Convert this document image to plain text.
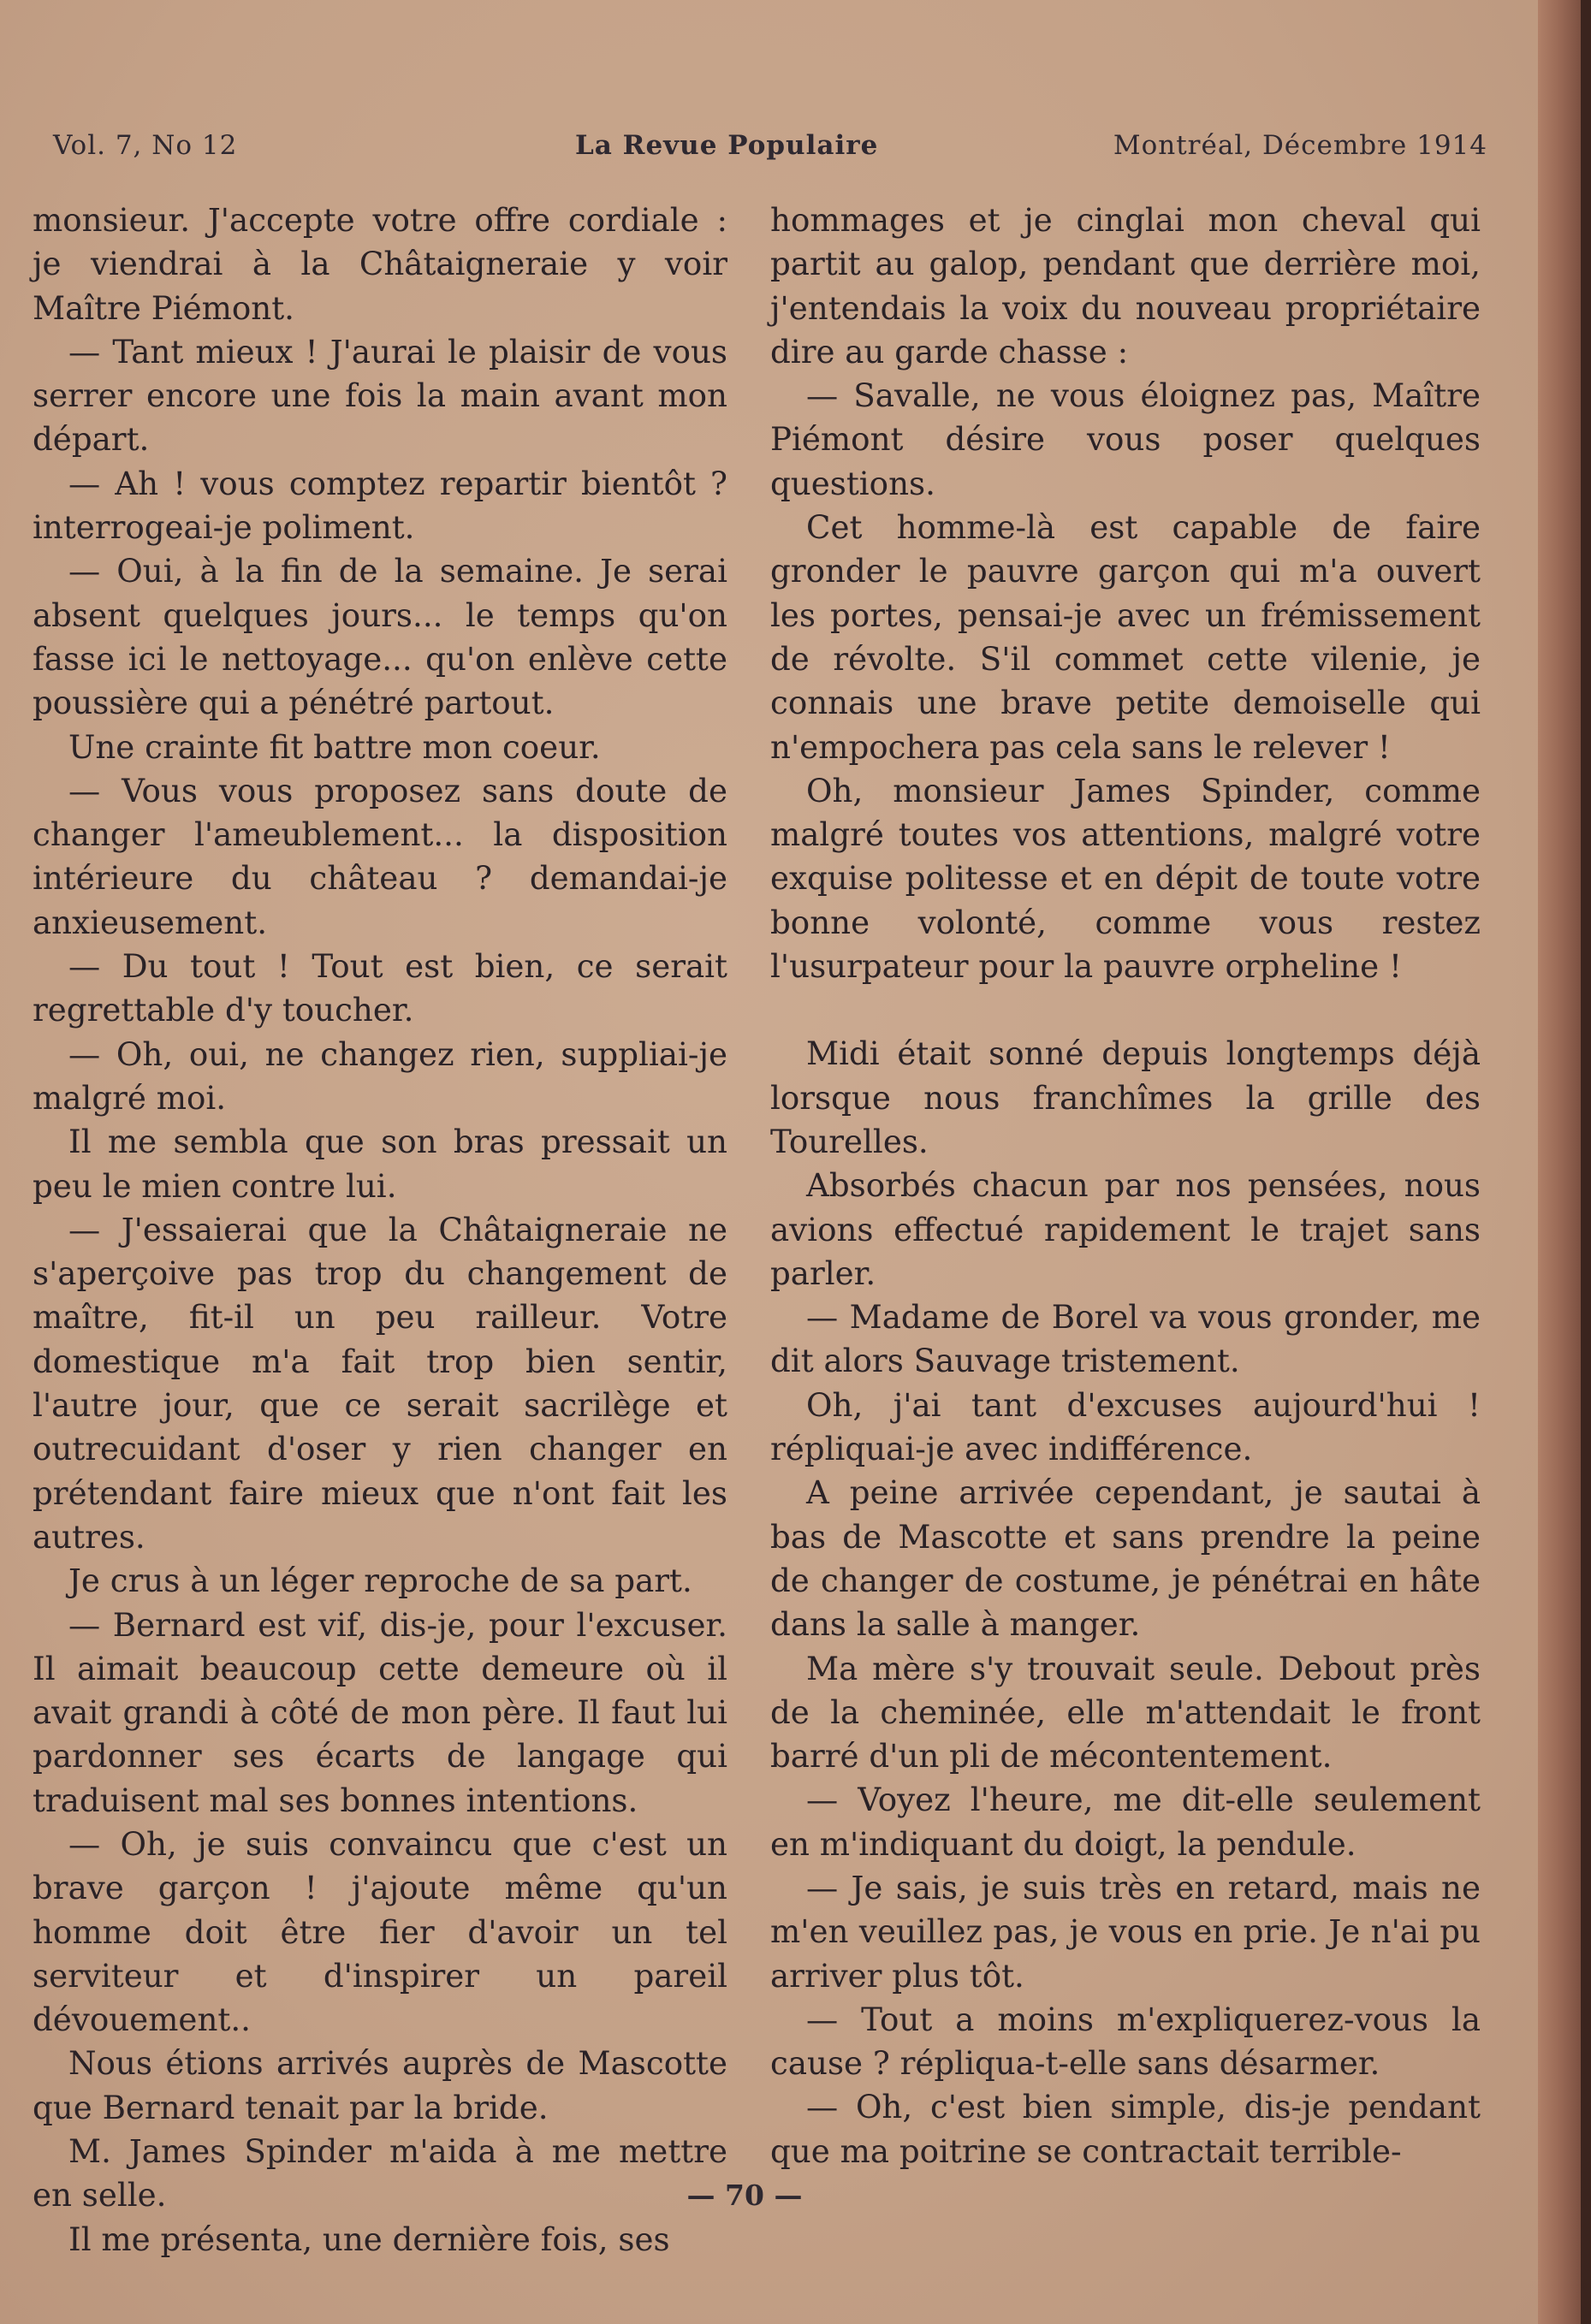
Vol. 7, No 12	La Revue Populaire	Montréal, Décembre 1914

monsieur. J'accepte votre offre cordiale : je viendrai à la Châtaigneraie y voir Maître Piémont.

— Tant mieux ! J'aurai le plaisir de vous serrer encore une fois la main avant mon départ.

— Ah ! vous comptez repartir bientôt ? interrogeai-je poliment.

— Oui, à la fin de la semaine. Je serai absent quelques jours... le temps qu'on fasse ici le nettoyage... qu'on enlève cette poussière qui a pénétré partout.

Une crainte fit battre mon coeur.

— Vous vous proposez sans doute de changer l'ameublement... la disposition intérieure du château ? demandai-je anxieusement.

— Du tout ! Tout est bien, ce serait regrettable d'y toucher.

— Oh, oui, ne changez rien, suppliai-je malgré moi.

Il me sembla que son bras pressait un peu le mien contre lui.

— J'essaierai que la Châtaigneraie ne s'aperçoive pas trop du changement de maître, fit-il un peu railleur. Votre domestique m'a fait trop bien sentir, l'autre jour, que ce serait sacrilège et outrecuidant d'oser y rien changer en prétendant faire mieux que n'ont fait les autres.

Je crus à un léger reproche de sa part.

— Bernard est vif, dis-je, pour l'excuser. Il aimait beaucoup cette demeure où il avait grandi à côté de mon père. Il faut lui pardonner ses écarts de langage qui traduisent mal ses bonnes intentions.

— Oh, je suis convaincu que c'est un brave garçon ! j'ajoute même qu'un homme doit être fier d'avoir un tel serviteur et d'inspirer un pareil dévouement..

Nous étions arrivés auprès de Mascotte que Bernard tenait par la bride.

M. James Spinder m'aida à me mettre en selle.

Il me présenta, une dernière fois, ses

hommages et je cinglai mon cheval qui partit au galop, pendant que derrière moi, j'entendais la voix du nouveau propriétaire dire au garde chasse :

— Savalle, ne vous éloignez pas, Maître Piémont désire vous poser quelques questions.

Cet homme-là est capable de faire gronder le pauvre garçon qui m'a ouvert les portes, pensai-je avec un frémissement de révolte. S'il commet cette vilenie, je connais une brave petite demoiselle qui n'empochera pas cela sans le relever !

Oh, monsieur James Spinder, comme malgré toutes vos attentions, malgré votre exquise politesse et en dépit de toute votre bonne volonté, comme vous restez l'usurpateur pour la pauvre orpheline !

Midi était sonné depuis longtemps déjà lorsque nous franchîmes la grille des Tourelles.

Absorbés chacun par nos pensées, nous avions effectué rapidement le trajet sans parler.

— Madame de Borel va vous gronder, me dit alors Sauvage tristement.

Oh, j'ai tant d'excuses aujourd'hui ! répliquai-je avec indifférence.

A peine arrivée cependant, je sautai à bas de Mascotte et sans prendre la peine de changer de costume, je pénétrai en hâte dans la salle à manger.

Ma mère s'y trouvait seule. Debout près de la cheminée, elle m'attendait le front barré d'un pli de mécontentement.

— Voyez l'heure, me dit-elle seulement en m'indiquant du doigt, la pendule.

— Je sais, je suis très en retard, mais ne m'en veuillez pas, je vous en prie. Je n'ai pu arriver plus tôt.

— Tout a moins m'expliquerez-vous la cause ? répliqua-t-elle sans désarmer.

— Oh, c'est bien simple, dis-je pendant que ma poitrine se contractait terrible-

— 70 —
